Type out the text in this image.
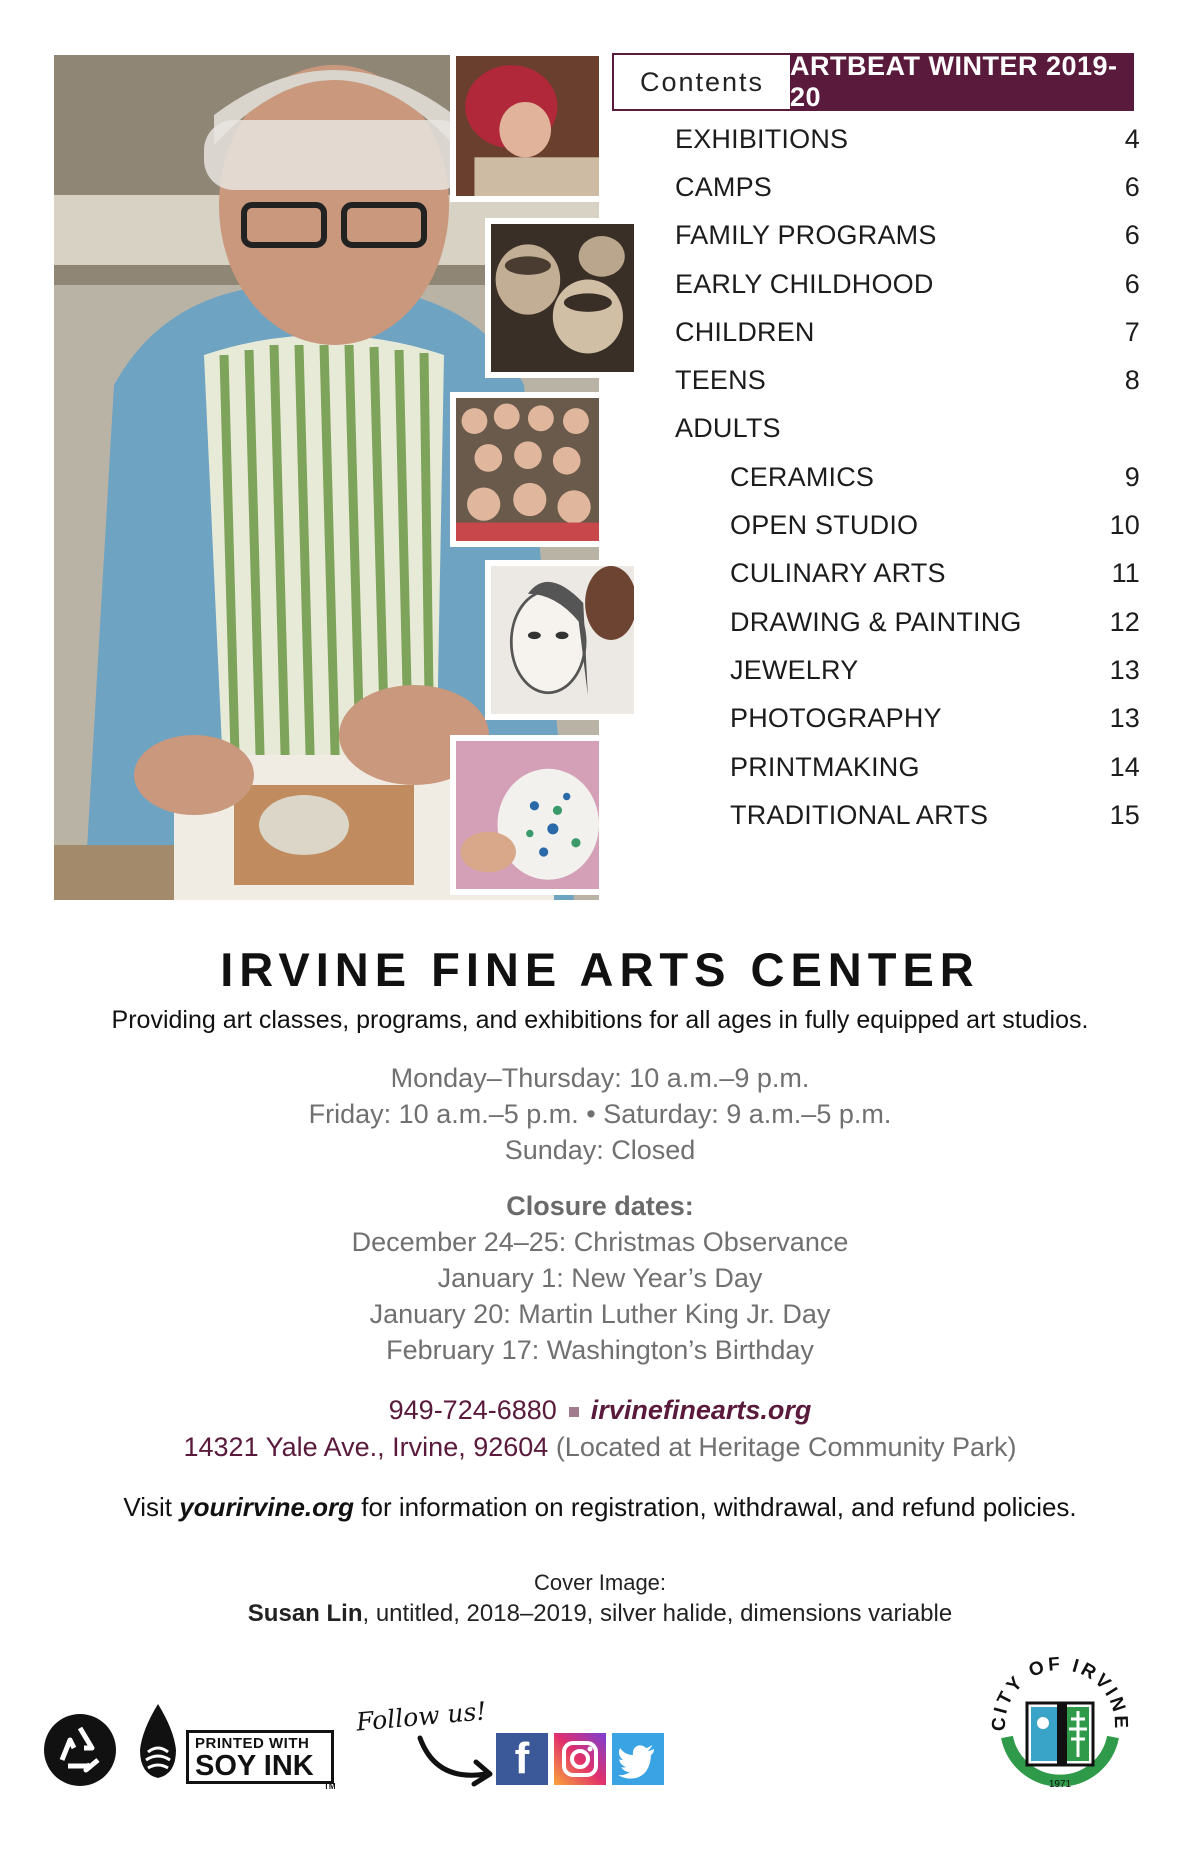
Contents
ARTBEAT WINTER 2019-20
EXHIBITIONS	4
CAMPS	6
FAMILY PROGRAMS	6
EARLY CHILDHOOD	6
CHILDREN	7
TEENS	8
ADULTS
CERAMICS	9
OPEN STUDIO	10
CULINARY ARTS	11
DRAWING & PAINTING	12
JEWELRY	13
PHOTOGRAPHY	13
PRINTMAKING	14
TRADITIONAL ARTS	15
IRVINE FINE ARTS CENTER

Providing art classes, programs, and exhibitions for all ages in fully equipped art studios.

Monday–Thursday: 10 a.m.–9 p.m.
Friday: 10 a.m.–5 p.m. • Saturday: 9 a.m.–5 p.m.
Sunday: Closed
Closure dates:
December 24–25: Christmas Observance
January 1: New Year’s Day
January 20: Martin Luther King Jr. Day
February 17: Washington’s Birthday
949-724-6880 irvinefinearts.org
14321 Yale Ave., Irvine, 92604 (Located at Heritage Community Park)

Visit yourirvine.org for information on registration, withdrawal, and refund policies.

Cover Image:

Susan Lin, untitled, 2018–2019, silver halide, dimensions variable

PRINTED WITH
SOY INK
TM
Follow us!
f
CITY OF IRVINE
1971
